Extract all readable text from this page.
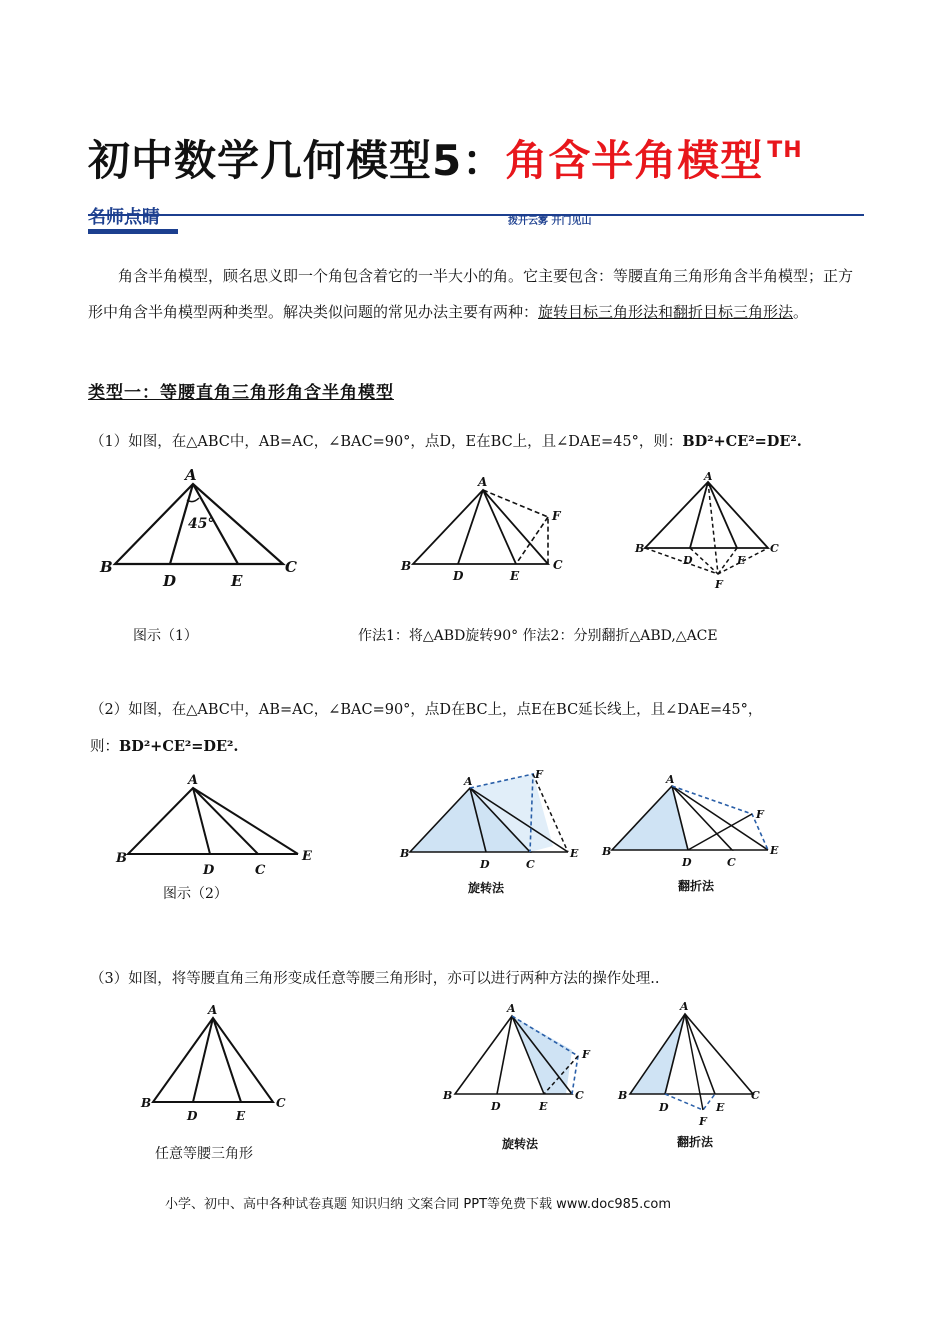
初中数学几何模型5：角含半角模型 $^{TH}$
名师点睛	拨开云雾 开门见山
角含半角模型，顾名思义即一个角包含着它的一半大小的角。它主要包含：等腰直角三角形角含半角模型；正方形中角含半角模型两种类型。解决类似问题的常见办法主要有两种：旋转目标三角形法和翻折目标三角形法。
类型一：等腰直角三角形角含半角模型
（1）如图，在△ABC中，AB=AC，∠BAC=90°，点D，E在BC上，且∠DAE=45°，则：BD²+CE²=DE².
A
B
D	E
C
45°
A
B
D	E
C
F
A
B
D	E
C
F
图示（1）	作法1：将△ABD旋转90° 作法2：分别翻折△ABD,△ACE
（2）如图，在△ABC中，AB=AC，∠BAC=90°，点D在BC上，点E在BC延长线上，且∠DAE=45°，
则：BD²+CE²=DE².
A
B
D	C
E
图示（2）
A
B
D	C
E
F
旋转法
A
B
D	C
E
F
翻折法
（3）如图，将等腰直角三角形变成任意等腰三角形时，亦可以进行两种方法的操作处理..
A
B
D	E
C
任意等腰三角形
A
B
D	E
C
F
旋转法
A
B
D	E
C
F
翻折法
小学、初中、高中各种试卷真题 知识归纳 文案合同 PPT等免费下载 www.doc985.com
